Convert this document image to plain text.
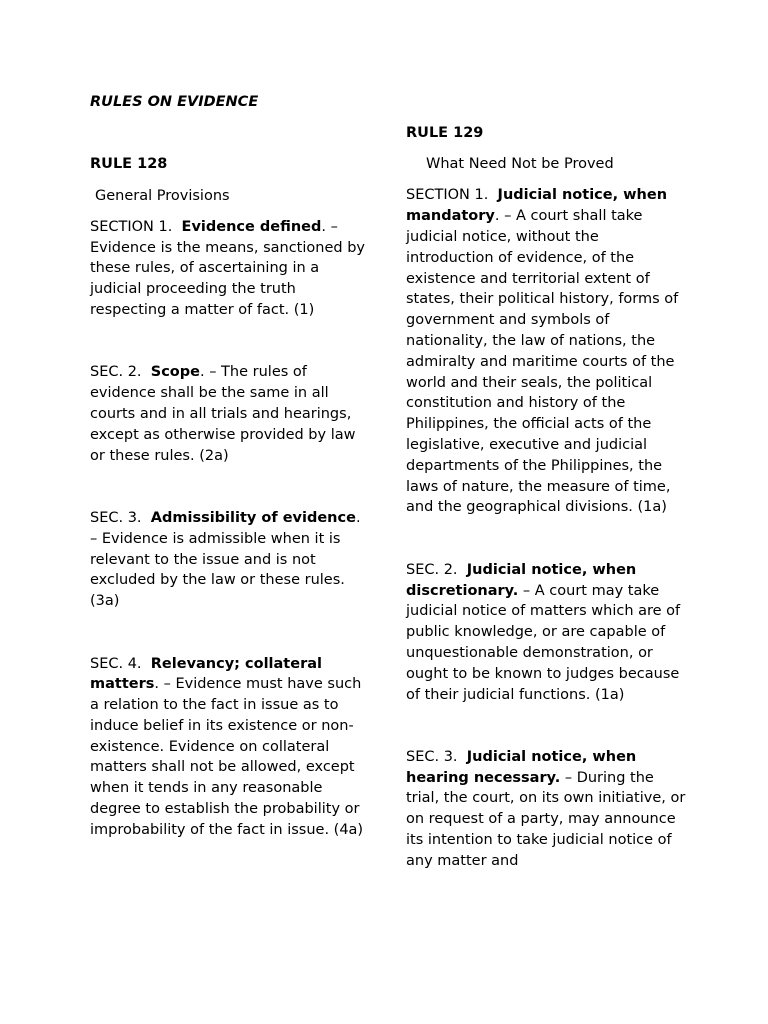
RULES ON EVIDENCE

RULE 128

General Provisions

SECTION 1. Evidence defined. – Evidence is the means, sanctioned by these rules, of ascertaining in a judicial proceeding the truth respecting a matter of fact. (1)

SEC. 2. Scope. – The rules of evidence shall be the same in all courts and in all trials and hearings, except as otherwise provided by law or these rules. (2a)

SEC. 3. Admissibility of evidence. – Evidence is admissible when it is relevant to the issue and is not excluded by the law or these rules. (3a)

SEC. 4. Relevancy; collateral matters. – Evidence must have such a relation to the fact in issue as to induce belief in its existence or non-existence. Evidence on collateral matters shall not be allowed, except when it tends in any reasonable degree to establish the probability or improbability of the fact in issue. (4a)

RULE 129

What Need Not be Proved

SECTION 1. Judicial notice, when mandatory. – A court shall take judicial notice, without the introduction of evidence, of the existence and territorial extent of states, their political history, forms of government and symbols of nationality, the law of nations, the admiralty and maritime courts of the world and their seals, the political constitution and history of the Philippines, the official acts of the legislative, executive and judicial departments of the Philippines, the laws of nature, the measure of time, and the geographical divisions. (1a)

SEC. 2. Judicial notice, when discretionary. – A court may take judicial notice of matters which are of public knowledge, or are capable of unquestionable demonstration, or ought to be known to judges because of their judicial functions. (1a)

SEC. 3. Judicial notice, when hearing necessary. – During the trial, the court, on its own initiative, or on request of a party, may announce its intention to take judicial notice of any matter and
